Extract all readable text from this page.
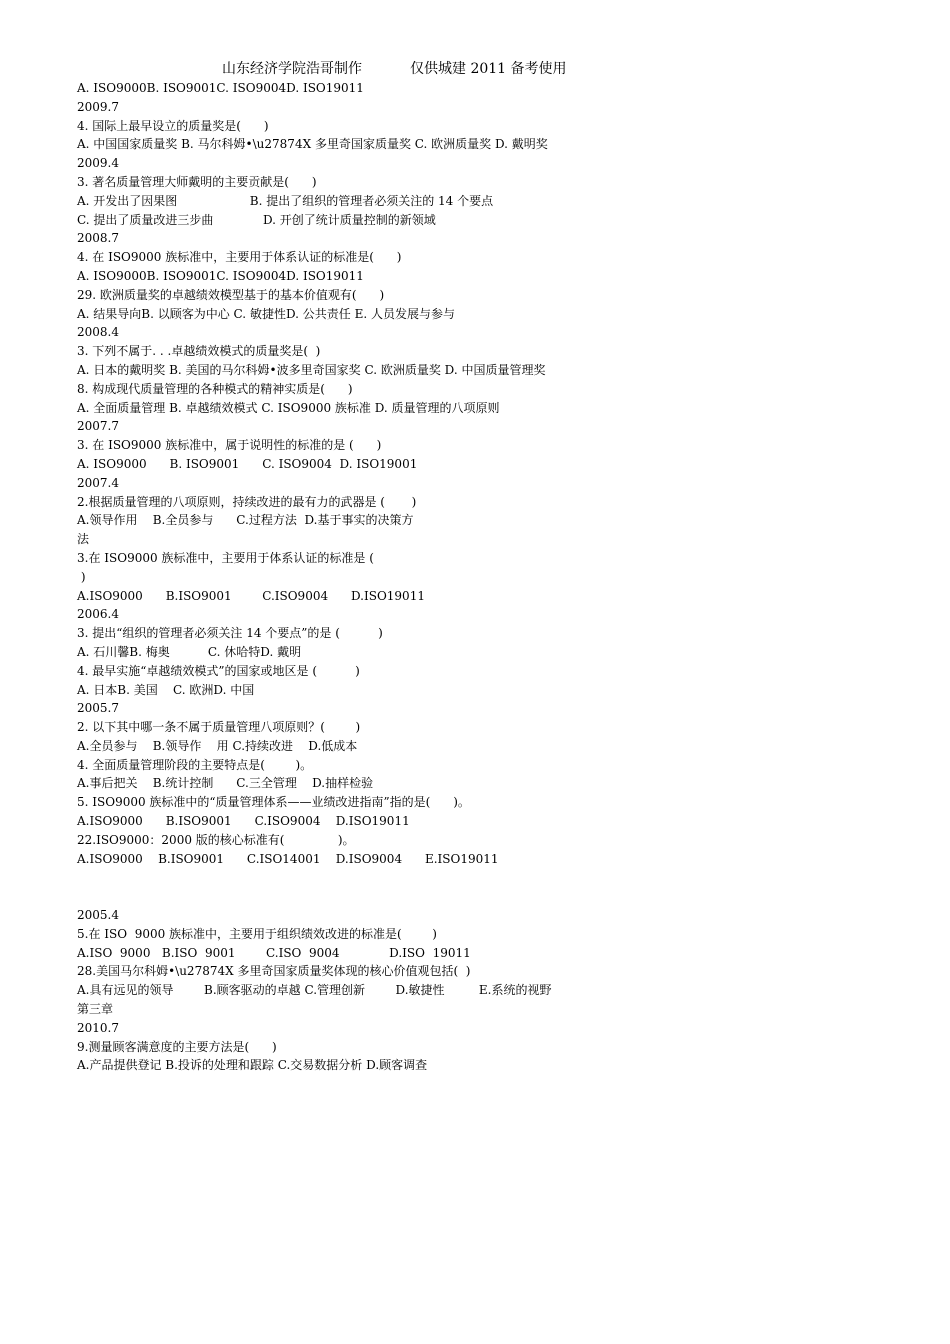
山东经济学院浩哥制作	仅供城建 2011 备考使用
A. ISO9000B. ISO9001C. ISO9004D. ISO19011
2009.7
4. 国际上最早设立的质量奖是(      )
A. 中国国家质量奖 B. 马尔科姆•\u27874X 多里奇国家质量奖 C. 欧洲质量奖 D. 戴明奖
2009.4
3. 著名质量管理大师戴明的主要贡献是(      )
A. 开发出了因果图                   B. 提出了组织的管理者必须关注的 14 个要点
C. 提出了质量改进三步曲             D. 开创了统计质量控制的新领域
2008.7
4. 在 ISO9000 族标准中，主要用于体系认证的标准是(      )
A. ISO9000B. ISO9001C. ISO9004D. ISO19011
29. 欧洲质量奖的卓越绩效模型基于的基本价值观有(      )
A. 结果导向B. 以顾客为中心 C. 敏捷性D. 公共责任 E. 人员发展与参与
2008.4
3. 下列不属于. . .卓越绩效模式的质量奖是(  )
A. 日本的戴明奖 B. 美国的马尔科姆•波多里奇国家奖 C. 欧洲质量奖 D. 中国质量管理奖
8. 构成现代质量管理的各种模式的精神实质是(      )
A. 全面质量管理 B. 卓越绩效模式 C. ISO9000 族标准 D. 质量管理的八项原则
2007.7
3. 在 ISO9000 族标准中，属于说明性的标准的是 (      )
A. ISO9000      B. ISO9001      C. ISO9004  D. ISO19001
2007.4
2.根据质量管理的八项原则，持续改进的最有力的武器是 (       )
A.领导作用    B.全员参与      C.过程方法  D.基于事实的决策方
法
3.在 ISO9000 族标准中，主要用于体系认证的标准是 (
)
A.ISO9000      B.ISO9001        C.ISO9004      D.ISO19011
2006.4
3. 提出“组织的管理者必须关注 14 个要点”的是 (          )
A. 石川馨B. 梅奥          C. 休哈特D. 戴明
4. 最早实施“卓越绩效模式”的国家或地区是 (          )
A. 日本B. 美国    C. 欧洲D. 中国
2005.7
2. 以下其中哪一条不属于质量管理八项原则？(        )
A.全员参与    B.领导作    用 C.持续改进    D.低成本
4. 全面质量管理阶段的主要特点是(        )。
A.事后把关    B.统计控制      C.三全管理    D.抽样检验
5. ISO9000 族标准中的“质量管理体系——业绩改进指南”指的是(      )。
A.ISO9000      B.ISO9001      C.ISO9004    D.ISO19011
22.ISO9000：2000 版的核心标准有(              )。
A.ISO9000    B.ISO9001      C.ISO14001    D.ISO9004      E.ISO19011
2005.4
5.在 ISO  9000 族标准中，主要用于组织绩效改进的标准是(        )
A.ISO  9000   B.ISO  9001        C.ISO  9004             D.ISO  19011
28.美国马尔科姆•\u27874X 多里奇国家质量奖体现的核心价值观包括(  )
A.具有远见的领导        B.顾客驱动的卓越 C.管理创新        D.敏捷性         E.系统的视野
第三章
2010.7
9.测量顾客满意度的主要方法是(      )
A.产品提供登记 B.投诉的处理和跟踪 C.交易数据分析 D.顾客调查
